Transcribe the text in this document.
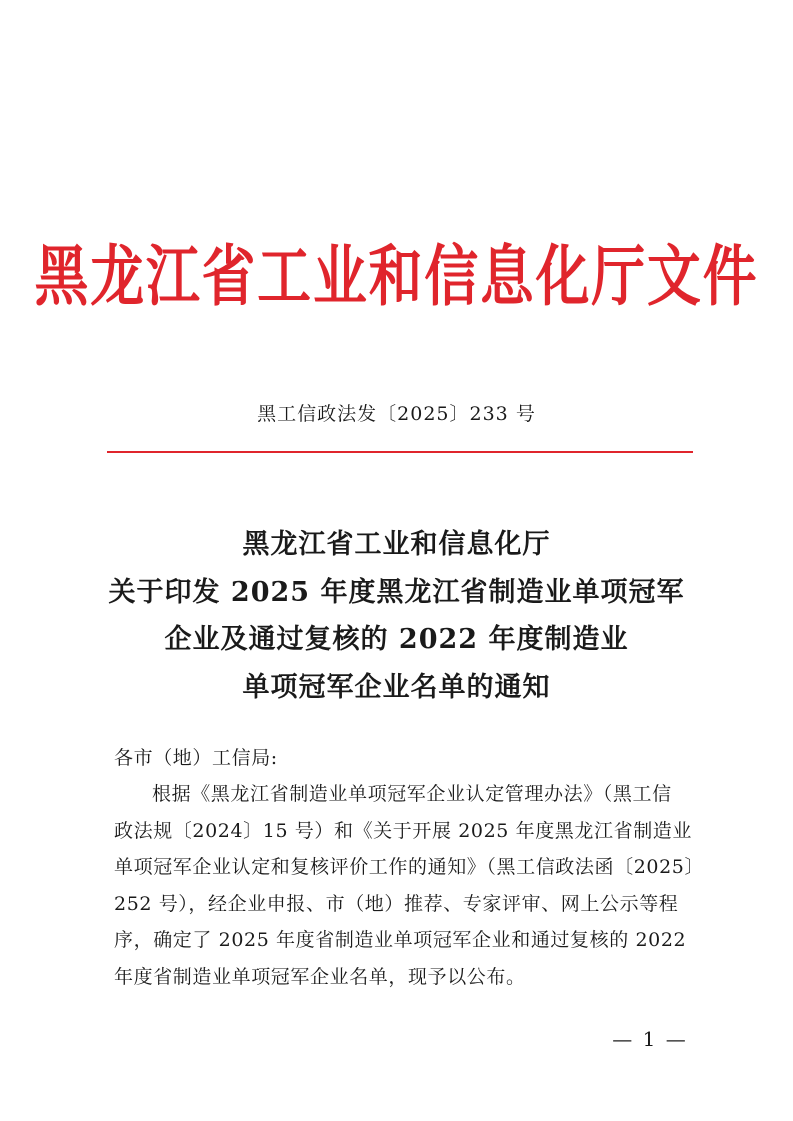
黑龙江省工业和信息化厅文件
黑工信政法发〔2025〕233 号
黑龙江省工业和信息化厅
关于印发 2025 年度黑龙江省制造业单项冠军
企业及通过复核的 2022 年度制造业
单项冠军企业名单的通知
各市（地）工信局:
根据《黑龙江省制造业单项冠军企业认定管理办法》（黑工信
政法规〔2024〕15 号）和《关于开展 2025 年度黑龙江省制造业
单项冠军企业认定和复核评价工作的通知》（黑工信政法函〔2025〕
252 号），经企业申报、市（地）推荐、专家评审、网上公示等程
序，确定了 2025 年度省制造业单项冠军企业和通过复核的 2022
年度省制造业单项冠军企业名单，现予以公布。
— 1 —
